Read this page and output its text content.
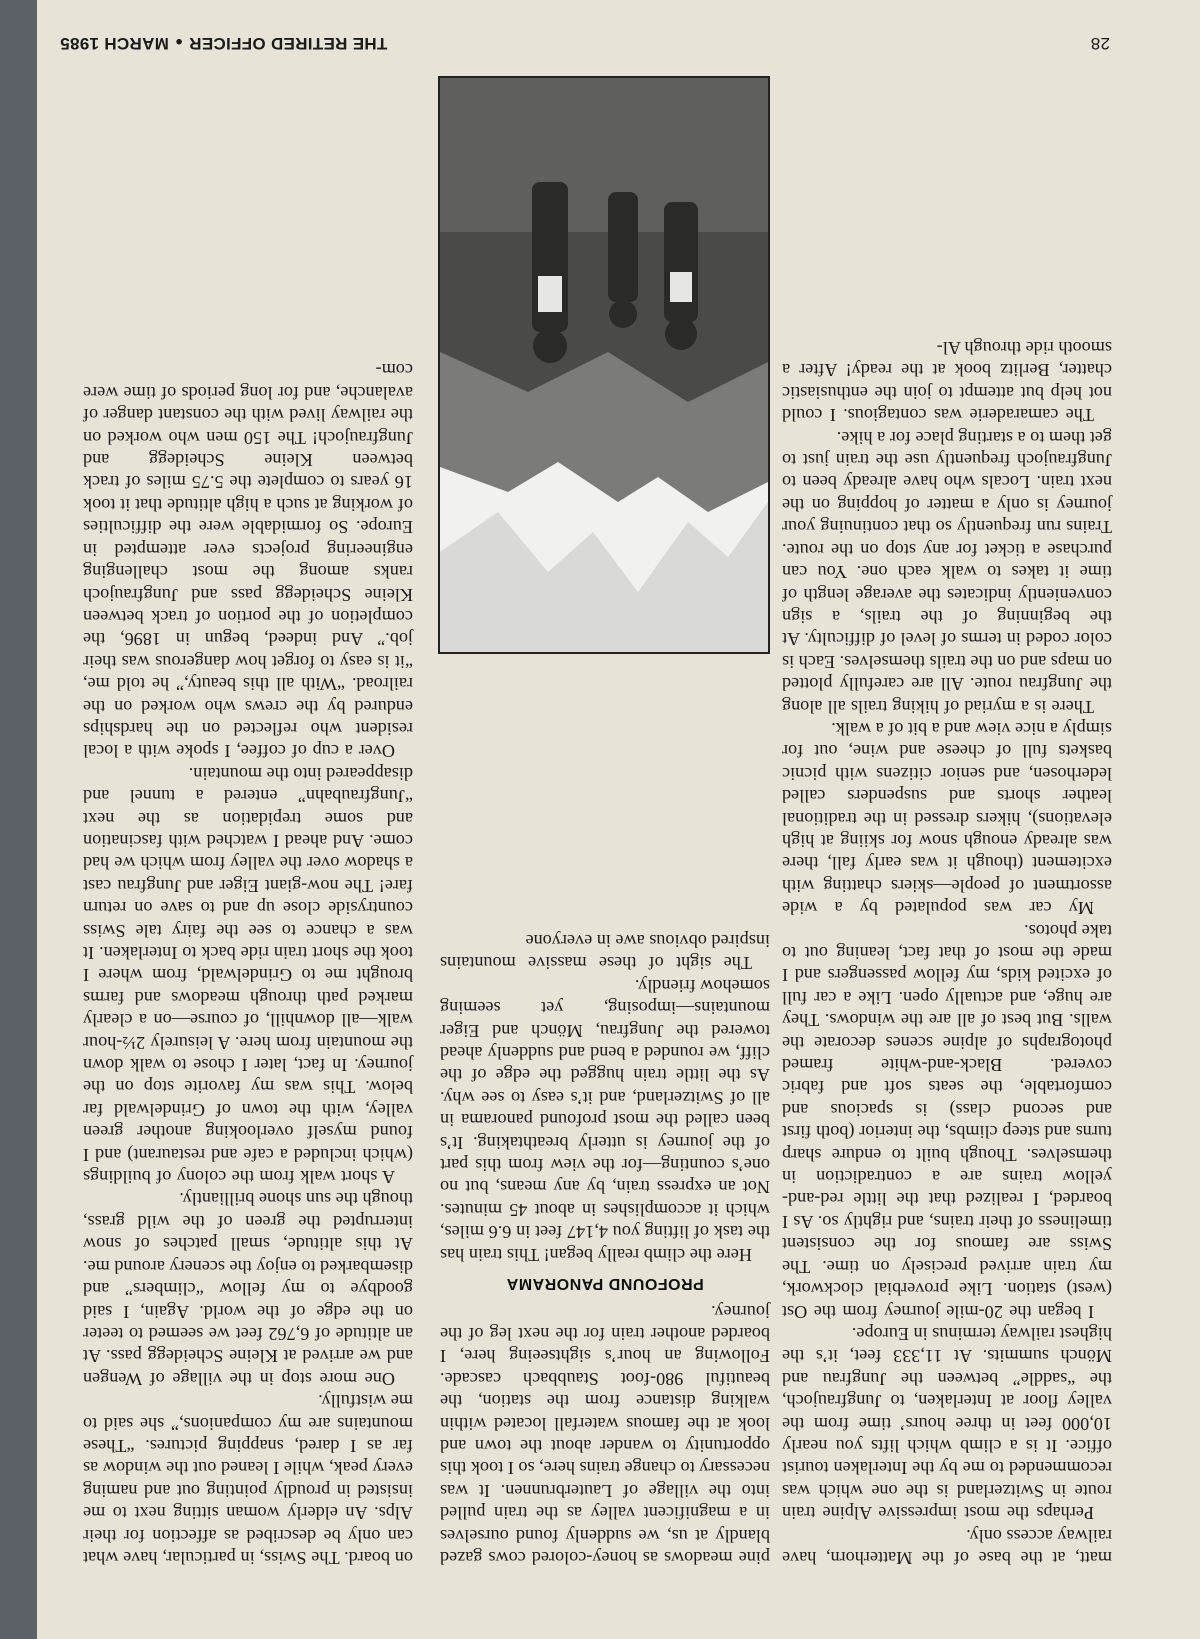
28
THE RETIRED OFFICER●MARCH 1985

matt, at the base of the Matterhorn, have railway access only.

Perhaps the most impressive Alpine train route in Switzerland is the one which was recommended to me by the Interlaken tourist office. It is a climb which lifts you nearly 10,000 feet in three hours’ time from the valley floor at Interlaken, to Jungfraujoch, the “saddle” between the Jungfrau and Mönch summits. At 11,333 feet, it’s the highest railway terminus in Europe.

I began the 20-mile journey from the Ost (west) station. Like proverbial clockwork, my train arrived precisely on time. The Swiss are famous for the consistent timeliness of their trains, and rightly so. As I boarded, I realized that the little red-and-yellow trains are a contradiction in themselves. Though built to endure sharp turns and steep climbs, the interior (both first and second class) is spacious and comfortable, the seats soft and fabric covered. Black-and-white framed photographs of alpine scenes decorate the walls. But best of all are the windows. They are huge, and actually open. Like a car full of excited kids, my fellow passengers and I made the most of that fact, leaning out to take photos.

My car was populated by a wide assortment of people—skiers chatting with excitement (though it was early fall, there was already enough snow for skiing at high elevations), hikers dressed in the traditional leather shorts and suspenders called lederhosen, and senior citizens with picnic baskets full of cheese and wine, out for simply a nice view and a bit of a walk.

There is a myriad of hiking trails all along the Jungfrau route. All are carefully plotted on maps and on the trails themselves. Each is color coded in terms of level of difficulty. At the beginning of the trails, a sign conveniently indicates the average length of time it takes to walk each one. You can purchase a ticket for any stop on the route. Trains run frequently so that continuing your journey is only a matter of hopping on the next train. Locals who have already been to Jungfraujoch frequently use the train just to get them to a starting place for a hike.

The camaraderie was contagious. I could not help but attempt to join the enthusiastic chatter, Berlitz book at the ready! After a smooth ride through Al-

pine meadows as honey-colored cows gazed blandly at us, we suddenly found ourselves in a magnificent valley as the train pulled into the village of Lauterbrunnen. It was necessary to change trains here, so I took this opportunity to wander about the town and look at the famous waterfall located within walking distance from the station, the beautiful 980-foot Staubbach cascade. Following an hour’s sightseeing here, I boarded another train for the next leg of the journey.

PROFOUND PANORAMA

Here the climb really began! This train has the task of lifting you 4,147 feet in 6.6 miles, which it accomplishes in about 45 minutes. Not an express train, by any means, but no one’s counting—for the view from this part of the journey is utterly breathtaking. It’s been called the most profound panorama in all of Switzerland, and it’s easy to see why. As the little train hugged the edge of the cliff, we rounded a bend and suddenly ahead towered the Jungfrau, Mönch and Eiger mountains—imposing, yet seeming somehow friendly.

The sight of these massive mountains inspired obvious awe in everyone

on board. The Swiss, in particular, have what can only be described as affection for their Alps. An elderly woman sitting next to me insisted in proudly pointing out and naming every peak, while I leaned out the window as far as I dared, snapping pictures. “These mountains are my companions,” she said to me wistfully.

One more stop in the village of Wengen and we arrived at Kleine Scheidegg pass. At an altitude of 6,762 feet we seemed to teeter on the edge of the world. Again, I said goodbye to my fellow “climbers” and disembarked to enjoy the scenery around me. At this altitude, small patches of snow interrupted the green of the wild grass, though the sun shone brilliantly.

A short walk from the colony of buildings (which included a cafe and restaurant) and I found myself overlooking another green valley, with the town of Grindelwald far below. This was my favorite stop on the journey. In fact, later I chose to walk down the mountain from here. A leisurely 2½-hour walk—all downhill, of course—on a clearly marked path through meadows and farms brought me to Grindelwald, from where I took the short train ride back to Interlaken. It was a chance to see the fairy tale Swiss countryside close up and to save on return fare! The now-giant Eiger and Jungfrau cast a shadow over the valley from which we had come. And ahead I watched with fascination and some trepidation as the next “Jungfraubahn” entered a tunnel and disappeared into the mountain.

Over a cup of coffee, I spoke with a local resident who reflected on the hardships endured by the crews who worked on the railroad. “With all this beauty,” he told me, “it is easy to forget how dangerous was their job.” And indeed, begun in 1896, the completion of the portion of track between Kleine Scheidegg pass and Jungfraujoch ranks among the most challenging engineering projects ever attempted in Europe. So formidable were the difficulties of working at such a high altitude that it took 16 years to complete the 5.75 miles of track between Kleine Scheidegg and Jungfraujoch! The 150 men who worked on the railway lived with the constant danger of avalanche, and for long periods of time were com-
